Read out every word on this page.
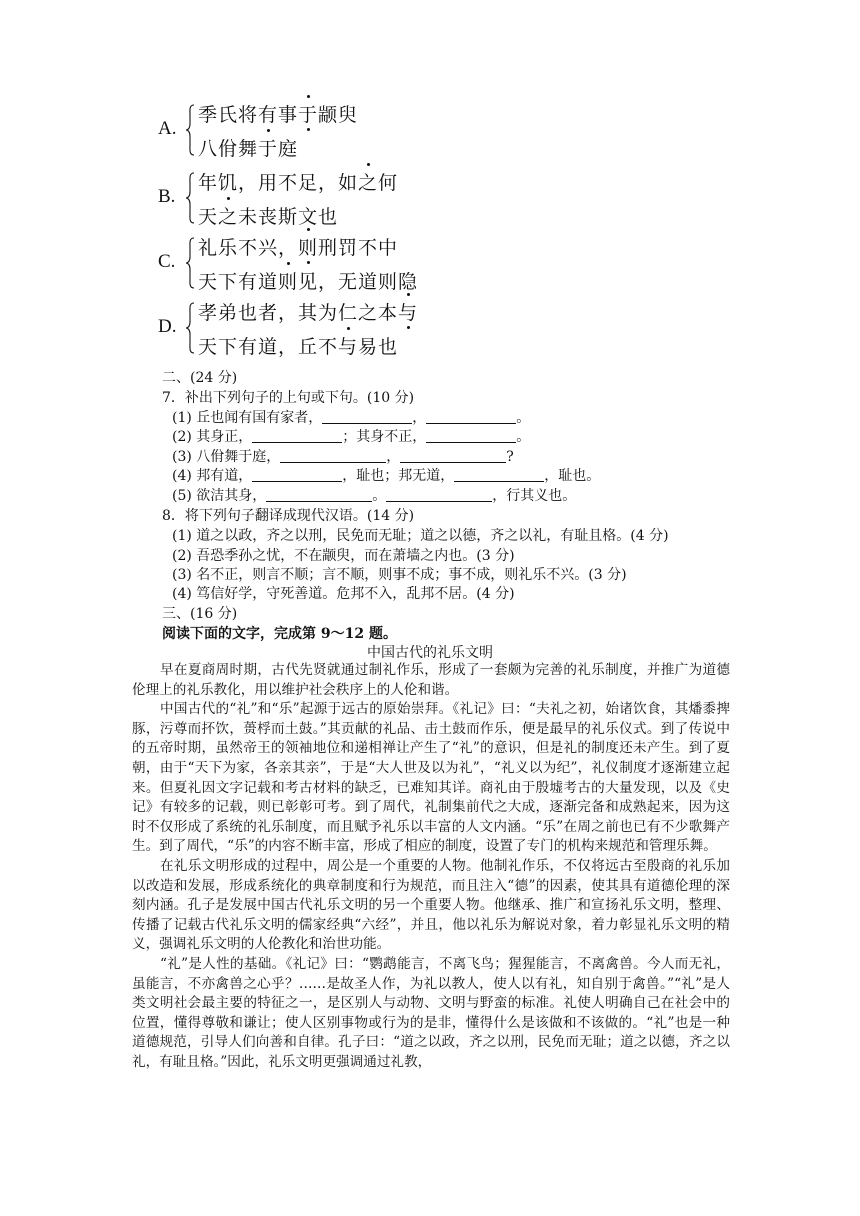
A.
季氏将有事于颛臾
八佾舞于庭
B.
年饥，用不足，如之何
天之未丧斯文也
C.
礼乐不兴，则刑罚不中
天下有道则见，无道则隐
D.
孝弟也者，其为仁之本与
天下有道，丘不与易也
二、(24 分)
7．补出下列句子的上句或下句。(10 分)
(1) 丘也闻有国有家者，	，	。
(2) 其身正，	；其身不正，	。
(3) 八佾舞于庭，	，	?
(4) 邦有道，	，耻也；邦无道，	，耻也。
(5) 欲洁其身，	。	，行其义也。
8．将下列句子翻译成现代汉语。(14 分)
(1) 道之以政，齐之以刑，民免而无耻；道之以德，齐之以礼，有耻且格。(4 分)
(2) 吾恐季孙之忧，不在颛臾，而在萧墙之内也。(3 分)
(3) 名不正，则言不顺；言不顺，则事不成；事不成，则礼乐不兴。(3 分)
(4) 笃信好学，守死善道。危邦不入，乱邦不居。(4 分)
三、(16 分)
阅读下面的文字，完成第 9～12 题。
中国古代的礼乐文明

早在夏商周时期，古代先贤就通过制礼作乐，形成了一套颇为完善的礼乐制度，并推广为道德伦理上的礼乐教化，用以维护社会秩序上的人伦和谐。

中国古代的“礼”和“乐”起源于远古的原始崇拜。《礼记》曰：“夫礼之初，始诸饮食，其燔黍捭豚，污尊而抔饮，蒉桴而土鼓。”其贡献的礼品、击土鼓而作乐，便是最早的礼乐仪式。到了传说中的五帝时期，虽然帝王的领袖地位和递相禅让产生了“礼”的意识，但是礼的制度还未产生。到了夏朝，由于“天下为家，各亲其亲”，于是“大人世及以为礼”，“礼义以为纪”，礼仪制度才逐渐建立起来。但夏礼因文字记载和考古材料的缺乏，已难知其详。商礼由于殷墟考古的大量发现，以及《史记》有较多的记载，则已彰彰可考。到了周代，礼制集前代之大成，逐渐完备和成熟起来，因为这时不仅形成了系统的礼乐制度，而且赋予礼乐以丰富的人文内涵。“乐”在周之前也已有不少歌舞产生。到了周代，“乐”的内容不断丰富，形成了相应的制度，设置了专门的机构来规范和管理乐舞。

在礼乐文明形成的过程中，周公是一个重要的人物。他制礼作乐，不仅将远古至殷商的礼乐加以改造和发展，形成系统化的典章制度和行为规范，而且注入“德”的因素，使其具有道德伦理的深刻内涵。孔子是发展中国古代礼乐文明的另一个重要人物。他继承、推广和宣扬礼乐文明，整理、传播了记载古代礼乐文明的儒家经典“六经”，并且，他以礼乐为解说对象，着力彰显礼乐文明的精义，强调礼乐文明的人伦教化和治世功能。

“礼”是人性的基础。《礼记》曰：“鹦鹉能言，不离飞鸟；猩猩能言，不离禽兽。今人而无礼，虽能言，不亦禽兽之心乎？……是故圣人作，为礼以教人，使人以有礼，知自别于禽兽。”“礼”是人类文明社会最主要的特征之一，是区别人与动物、文明与野蛮的标准。礼使人明确自己在社会中的位置，懂得尊敬和谦让；使人区别事物或行为的是非，懂得什么是该做和不该做的。“礼”也是一种道德规范，引导人们向善和自律。孔子曰：“道之以政，齐之以刑，民免而无耻；道之以德，齐之以礼，有耻且格。”因此，礼乐文明更强调通过礼教，
